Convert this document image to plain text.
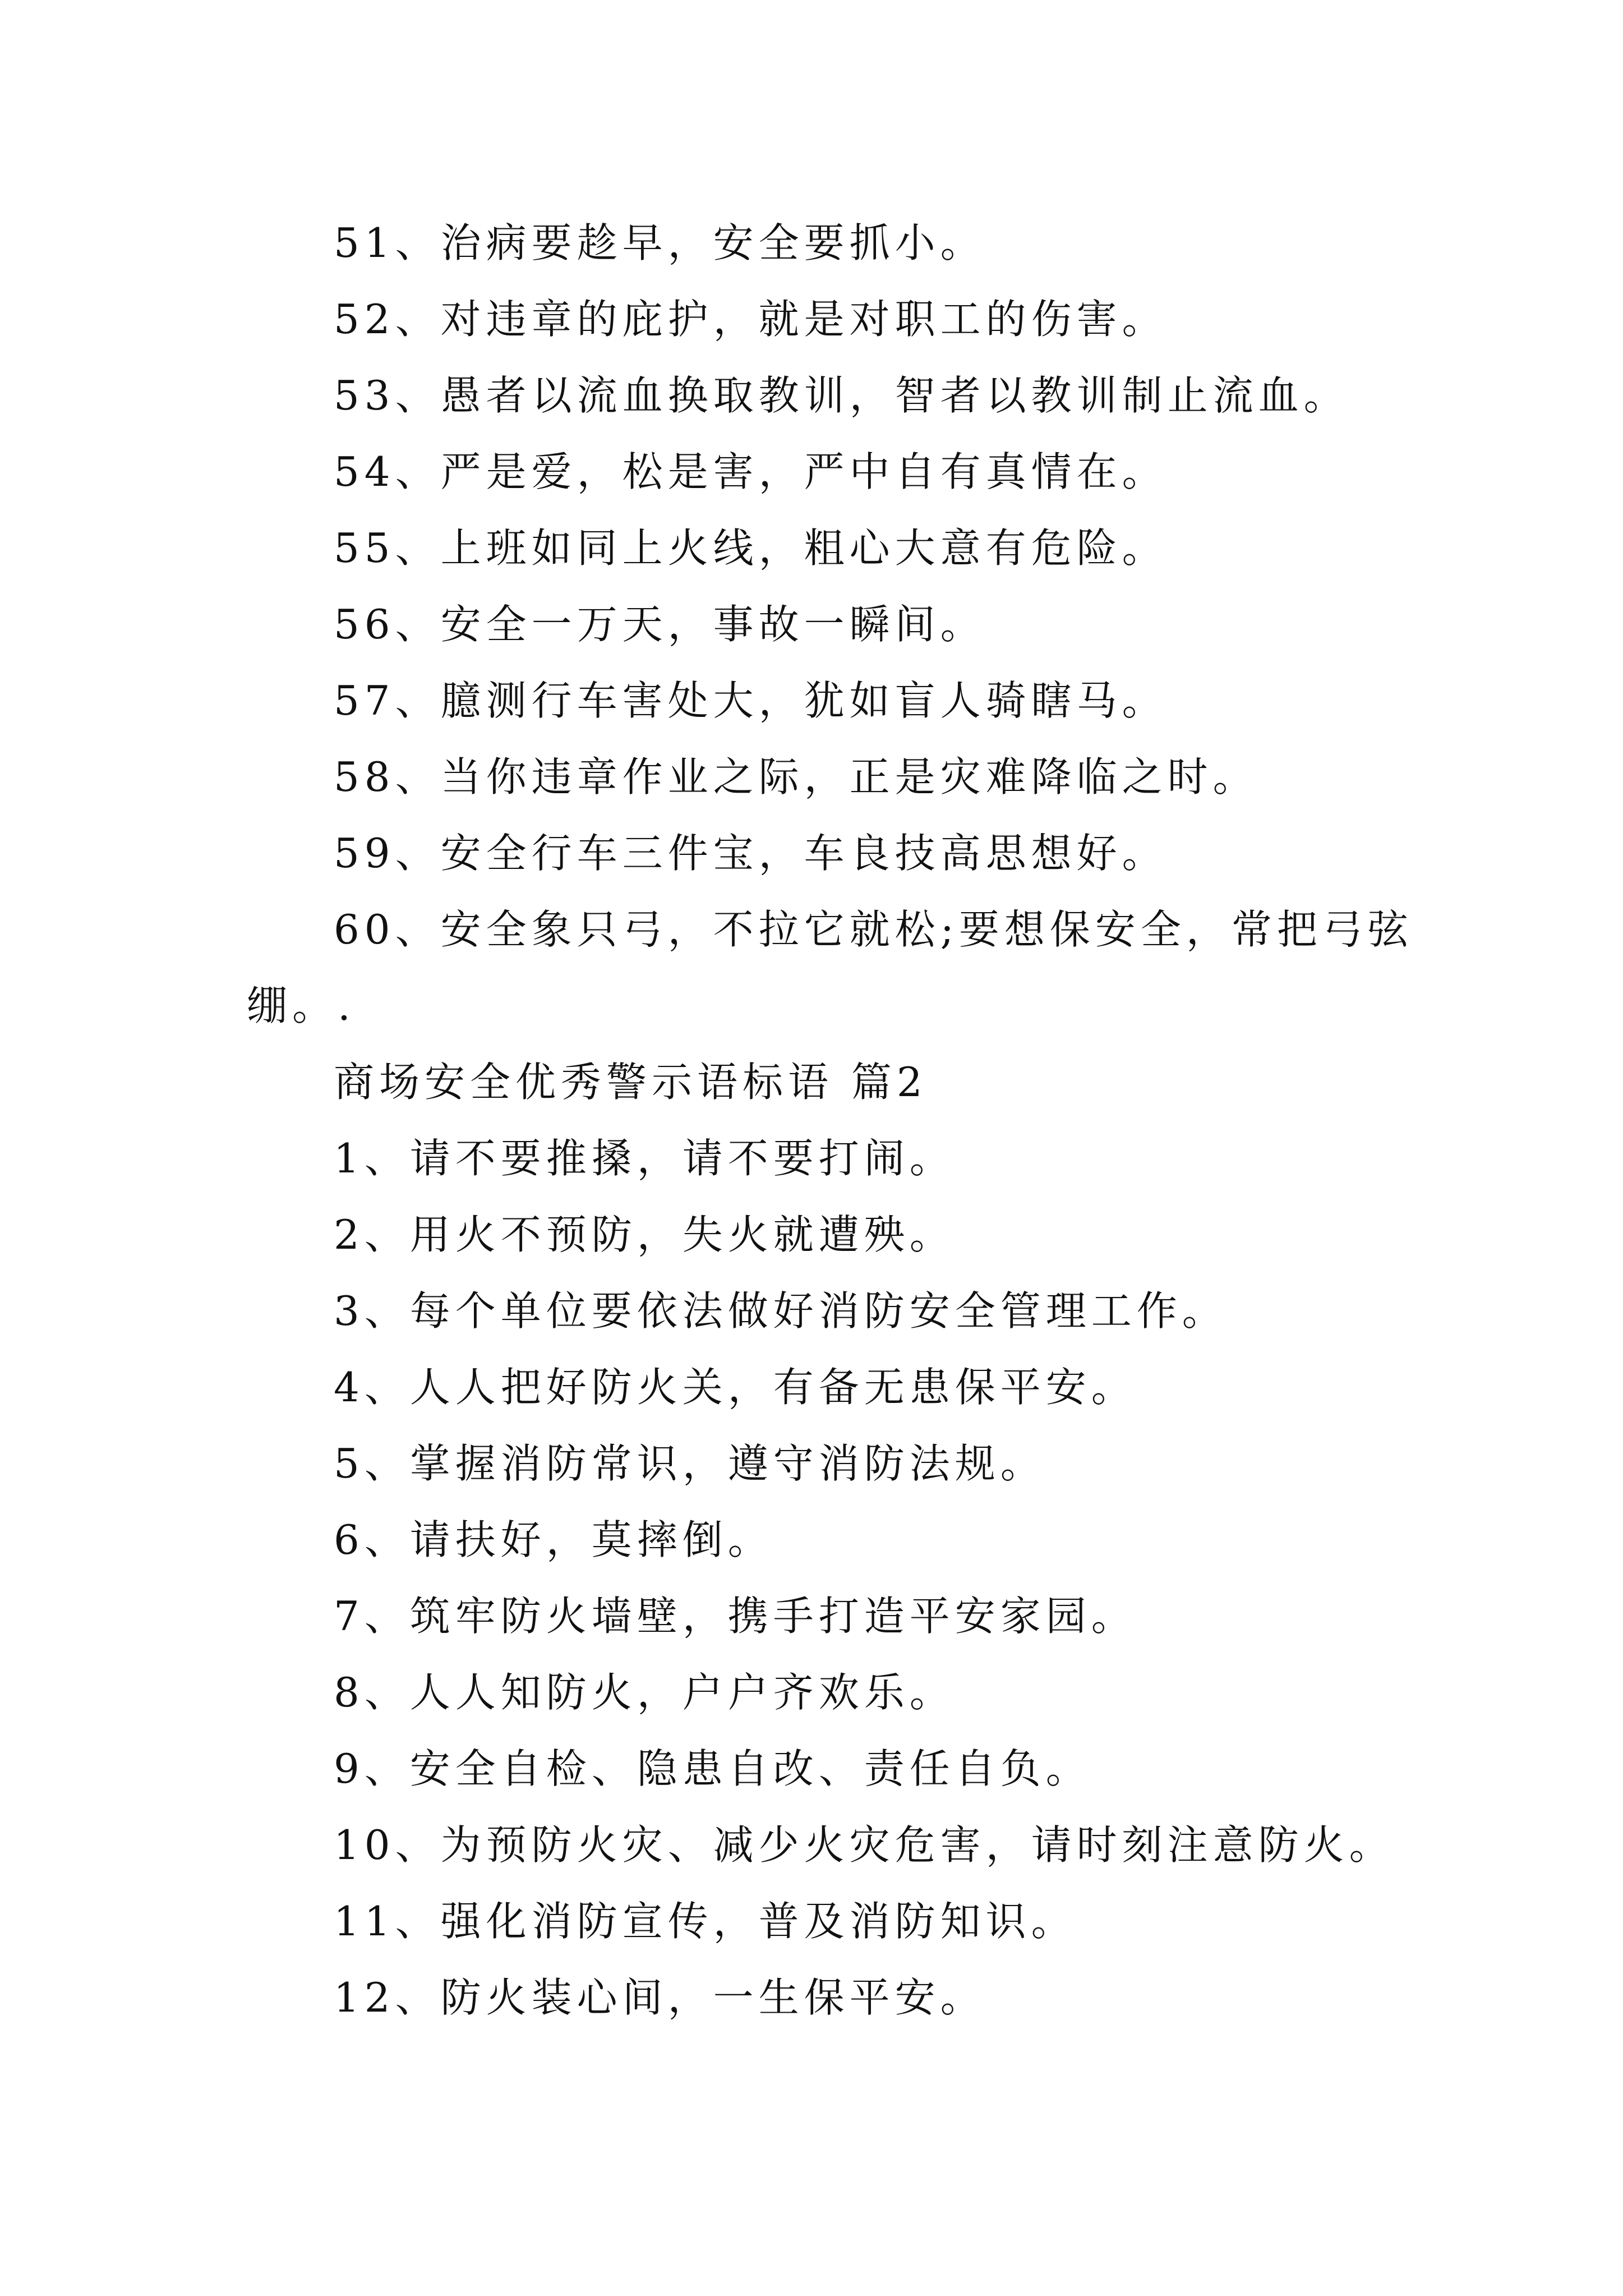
51、治病要趁早，安全要抓小。
52、对违章的庇护，就是对职工的伤害。
53、愚者以流血换取教训，智者以教训制止流血。
54、严是爱，松是害，严中自有真情在。
55、上班如同上火线，粗心大意有危险。
56、安全一万天，事故一瞬间。
57、臆测行车害处大，犹如盲人骑瞎马。
58、当你违章作业之际，正是灾难降临之时。
59、安全行车三件宝，车良技高思想好。
60、安全象只弓，不拉它就松;要想保安全，常把弓弦
绷。.
商场安全优秀警示语标语 篇2
1、请不要推搡，请不要打闹。
2、用火不预防，失火就遭殃。
3、每个单位要依法做好消防安全管理工作。
4、人人把好防火关，有备无患保平安。
5、掌握消防常识，遵守消防法规。
6、请扶好，莫摔倒。
7、筑牢防火墙壁，携手打造平安家园。
8、人人知防火，户户齐欢乐。
9、安全自检、隐患自改、责任自负。
10、为预防火灾、减少火灾危害，请时刻注意防火。
11、强化消防宣传，普及消防知识。
12、防火装心间，一生保平安。
